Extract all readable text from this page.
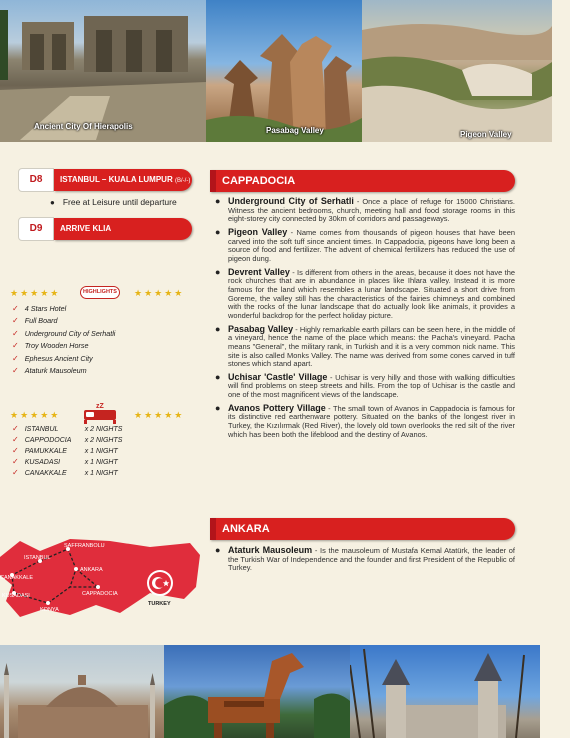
Ancient City Of Hierapolis	Pasabag Valley	Pigeon Valley
D8	ISTANBUL – KUALA LUMPUR (B/-/-)
● Free at Leisure until departure
D9	ARRIVE KLIA
★★★★★	★★★★★
HIGHLIGHTS
✓ 4 Stars Hotel
✓ Full Board
✓ Underground City of Serhatli
✓ Troy Wooden Horse
✓ Ephesus Ancient City
✓ Ataturk Mausoleum
★★★★★	★★★★★
zZ
✓ ISTANBUL	x 2 NIGHTS
✓ CAPPODOCIA x 2 NIGHTS
✓ PAMUKKALE	x 1 NIGHT
✓ KUSADASI	x 1 NIGHT
✓ CANAKKALE	x 1 NIGHT
ISTANBUL
SAFFRANBOLU
CANAKKALE
ANKARA
CAPPADOCIA
KUSADASI
KONYA
TURKEY
CAPPADOCIA

● Underground City of Serhatli - Once a place of refuge for 15000 Christians. Witness the ancient bedrooms, church, meeting hall and food storage rooms in this eight-storey city connected by 30km of corridors and passageways.

● Pigeon Valley - Name comes from thousands of pigeon houses that have been carved into the soft tuff since ancient times. In Cappadocia, pigeons have long been a source of food and fertilizer. The advent of chemical fertilizers has reduced the use of pigeon dung.

● Devrent Valley - Is different from others in the areas, because it does not have the rock churches that are in abundance in places like Ihlara valley. Instead it is more famous for the land which resembles a lunar landscape. Situated a short drive from Goreme, the valley still has the characteristics of the fairies chimneys and combined with the rocks of the lunar landscape that do actually look like animals, it provides a wonderful backdrop for the perfect holiday picture.

● Pasabag Valley - Highly remarkable earth pillars can be seen here, in the middle of a vineyard, hence the name of the place which means: the Pacha's vineyard. Pacha means "General", the military rank, in Turkish and it is a very common nick name. This site is also called Monks Valley. The name was derived from some cones carved in tuff stones which stand apart.

● Uchisar 'Castle' Village - Uchisar is very hilly and those with walking difficulties will find problems on steep streets and hills. From the top of Uchisar is the castle and one of the most magnificent views of the landscape.

● Avanos Pottery Village - The small town of Avanos in Cappadocia is famous for its distinctive red earthenware pottery. Situated on the banks of the longest river in Turkey, the Kızılırmak (Red River), the lovely old town overlooks the red silt of the river which has been both the lifeblood and the destiny of Avanos.

ANKARA

● Ataturk Mausoleum - Is the mausoleum of Mustafa Kemal Atatürk, the leader of the Turkish War of Independence and the founder and first President of the Republic of Turkey.
